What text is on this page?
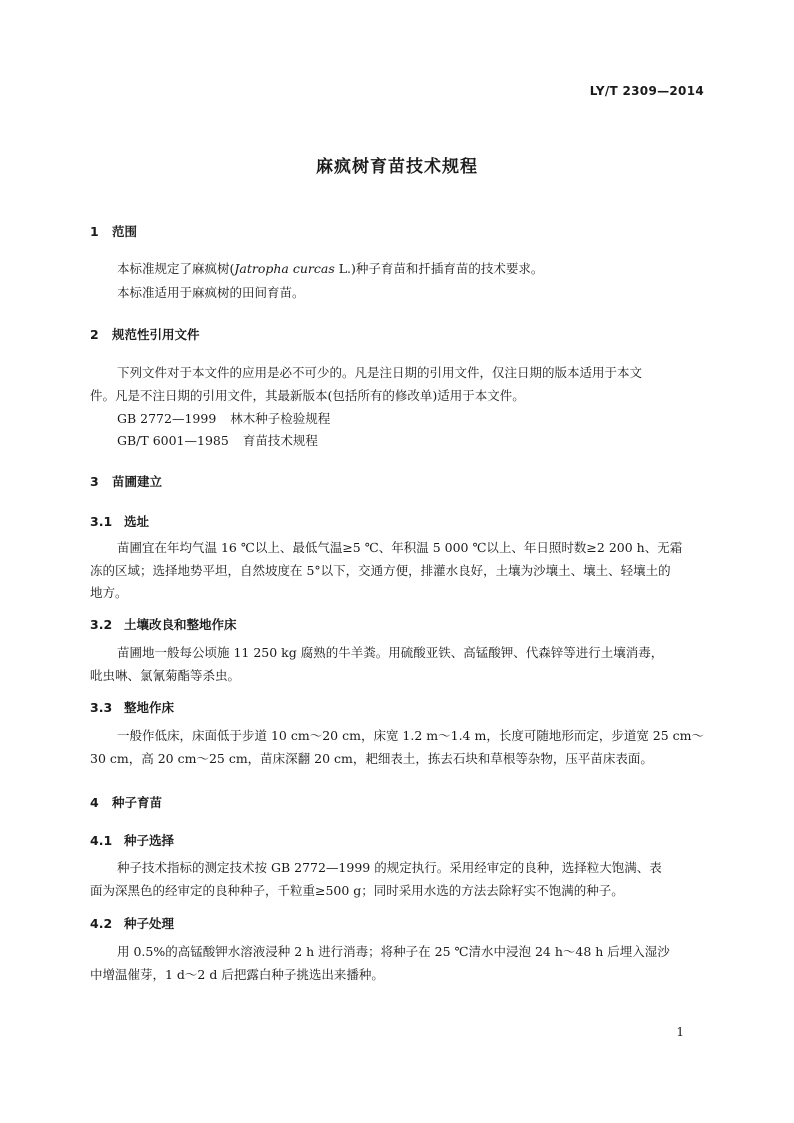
LY/T 2309—2014
麻疯树育苗技术规程
1 范围

本标准规定了麻疯树(Jatropha curcas L.)种子育苗和扦插育苗的技术要求。

本标准适用于麻疯树的田间育苗。

2 规范性引用文件

下列文件对于本文件的应用是必不可少的。凡是注日期的引用文件，仅注日期的版本适用于本文
件。凡是不注日期的引用文件，其最新版本(包括所有的修改单)适用于本文件。

GB 2772—1999 林木种子检验规程
GB/T 6001—1985 育苗技术规程
3 苗圃建立
3.1 选址

苗圃宜在年均气温 16 ℃以上、最低气温≥5 ℃、年积温 5 000 ℃以上、年日照时数≥2 200 h、无霜
冻的区域；选择地势平坦，自然坡度在 5°以下，交通方便，排灌水良好，土壤为沙壤土、壤土、轻壤土的
地方。

3.2 土壤改良和整地作床

苗圃地一般每公顷施 11 250 kg 腐熟的牛羊粪。用硫酸亚铁、高锰酸钾、代森锌等进行土壤消毒，
吡虫啉、氯氰菊酯等杀虫。

3.3 整地作床

一般作低床，床面低于步道 10 cm～20 cm，床宽 1.2 m～1.4 m，长度可随地形而定，步道宽 25 cm～
30 cm，高 20 cm～25 cm，苗床深翻 20 cm，耙细表土，拣去石块和草根等杂物，压平苗床表面。

4 种子育苗
4.1 种子选择

种子技术指标的测定技术按 GB 2772—1999 的规定执行。采用经审定的良种，选择粒大饱满、表
面为深黑色的经审定的良种种子，千粒重≥500 g；同时采用水选的方法去除籽实不饱满的种子。

4.2 种子处理

用 0.5%的高锰酸钾水溶液浸种 2 h 进行消毒；将种子在 25 ℃清水中浸泡 24 h～48 h 后埋入湿沙
中增温催芽，1 d～2 d 后把露白种子挑选出来播种。

1
